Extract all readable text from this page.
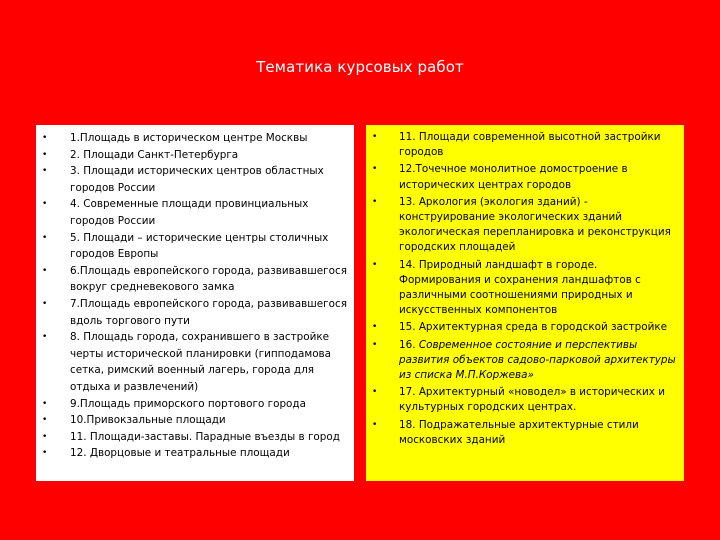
Тематика курсовых работ
• 1.Площадь в историческом центре Москвы
• 2. Площади Санкт-Петербурга
• 3. Площади исторических центров областных городов России
• 4. Современные площади провинциальных городов России
• 5. Площади – исторические центры столичных городов Европы
• 6.Площадь европейского города, развивавшегося вокруг средневекового замка
• 7.Площадь европейского города, развивавшегося вдоль торгового пути
• 8. Площадь города, сохранившего в застройке черты исторической планировки (гипподамова сетка, римский военный лагерь, города для отдыха и развлечений)
• 9.Площадь приморского портового города
• 10.Привокзальные площади
• 11. Площади-заставы. Парадные въезды в город
• 12. Дворцовые и театральные площади
• 11. Площади современной высотной застройки городов
• 12.Точечное монолитное домостроение в исторических центрах городов
• 13. Аркология (экология зданий) - конструирование экологических зданий экологическая перепланировка и реконструкция городских площадей
• 14. Природный ландшафт в городе. Формирования и сохранения ландшафтов с различными соотношениями природных и искусственных компонентов
• 15. Архитектурная среда в городской застройке
• 16. Современное состояние и перспективы развития объектов садово-парковой архитектуры из списка М.П.Коржева»
• 17. Архитектурный «новодел» в исторических и культурных городских центрах.
• 18. Подражательные архитектурные стили московских зданий
